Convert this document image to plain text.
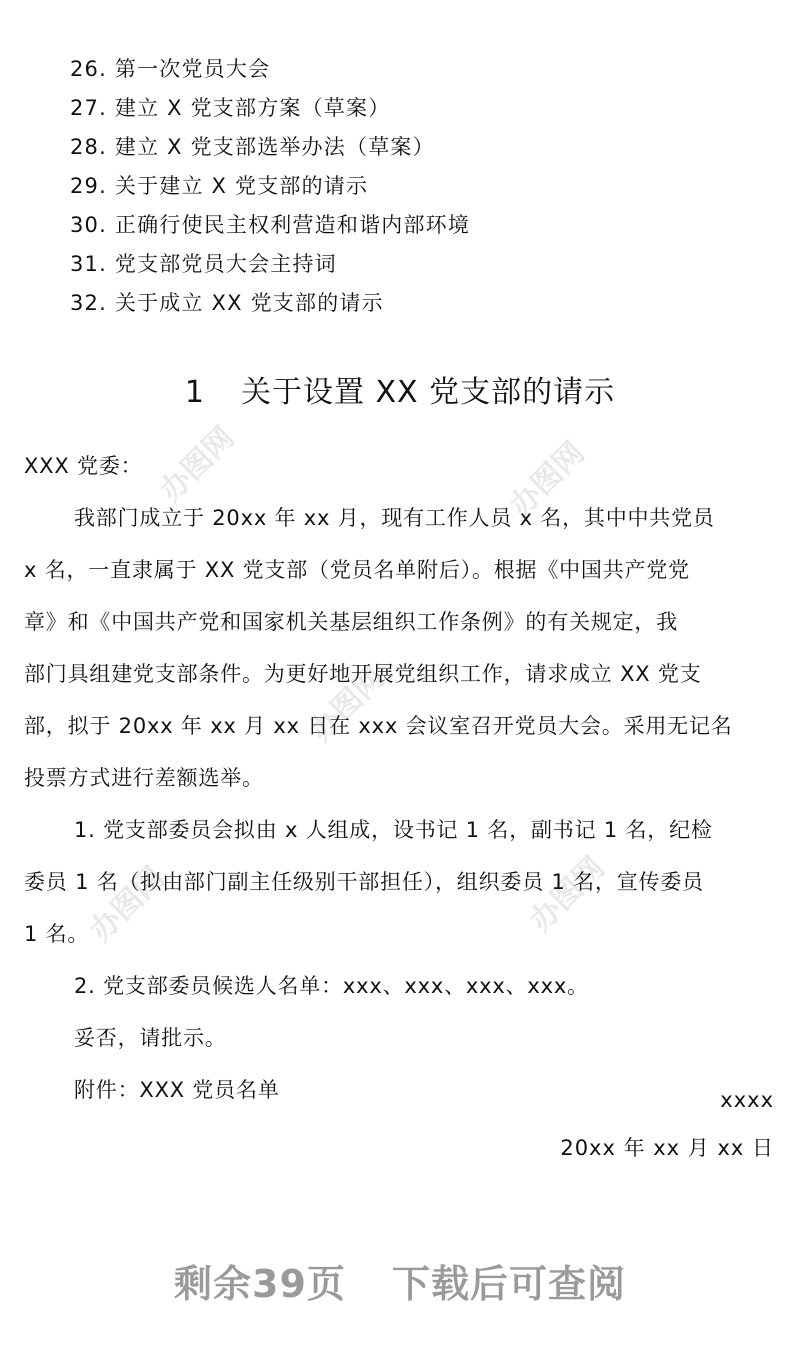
办图网	办图网
办图网
办图网	办图网
26. 第一次党员大会
27. 建立 X 党支部方案（草案）
28. 建立 X 党支部选举办法（草案）
29. 关于建立 X 党支部的请示
30. 正确行使民主权利营造和谐内部环境
31. 党支部党员大会主持词
32. 关于成立 XX 党支部的请示
1 关于设置 XX 党支部的请示

XXX 党委：

我部门成立于 20xx 年 xx 月，现有工作人员 x 名，其中中共党员
x 名，一直隶属于 XX 党支部（党员名单附后）。根据《中国共产党党
章》和《中国共产党和国家机关基层组织工作条例》的有关规定，我
部门具组建党支部条件。为更好地开展党组织工作，请求成立 XX 党支
部，拟于 20xx 年 xx 月 xx 日在 xxx 会议室召开党员大会。采用无记名
投票方式进行差额选举。

1. 党支部委员会拟由 x 人组成，设书记 1 名，副书记 1 名，纪检
委员 1 名（拟由部门副主任级别干部担任），组织委员 1 名，宣传委员
1 名。

2. 党支部委员候选人名单：xxx、xxx、xxx、xxx。

妥否，请批示。

附件：XXX 党员名单	xxxx
20xx 年 xx 月 xx 日
剩余39页 下载后可查阅
